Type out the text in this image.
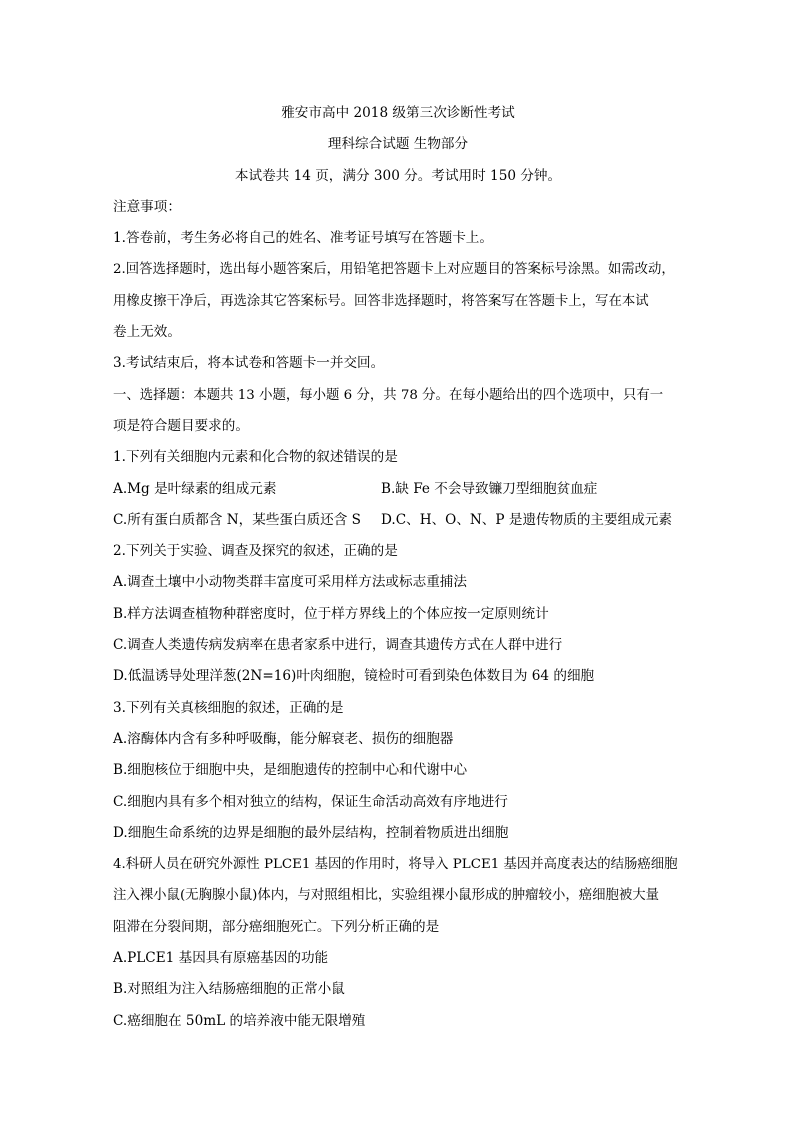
雅安市高中 2018 级第三次诊断性考试
理科综合试题 生物部分
本试卷共 14 页，满分 300 分。考试用时 150 分钟。
注意事项：
1.答卷前，考生务必将自己的姓名、准考证号填写在答题卡上。
2.回答选择题时，选出每小题答案后，用铅笔把答题卡上对应题目的答案标号涂黑。如需改动，
用橡皮擦干净后，再选涂其它答案标号。回答非选择题时，将答案写在答题卡上，写在本试
卷上无效。
3.考试结束后，将本试卷和答题卡一并交回。
一、选择题：本题共 13 小题，每小题 6 分，共 78 分。在每小题给出的四个选项中，只有一
项是符合题目要求的。
1.下列有关细胞内元素和化合物的叙述错误的是
A.Mg 是叶绿素的组成元素	B.缺 Fe 不会导致镰刀型细胞贫血症
C.所有蛋白质都含 N，某些蛋白质还含 S	D.C、H、O、N、P 是遗传物质的主要组成元素
2.下列关于实验、调查及探究的叙述，正确的是
A.调查土壤中小动物类群丰富度可采用样方法或标志重捕法
B.样方法调查植物种群密度时，位于样方界线上的个体应按一定原则统计
C.调查人类遗传病发病率在患者家系中进行，调查其遗传方式在人群中进行
D.低温诱导处理洋葱(2N=16)叶肉细胞，镜检时可看到染色体数目为 64 的细胞
3.下列有关真核细胞的叙述，正确的是
A.溶酶体内含有多种呼吸酶，能分解衰老、损伤的细胞器
B.细胞核位于细胞中央，是细胞遗传的控制中心和代谢中心
C.细胞内具有多个相对独立的结构，保证生命活动高效有序地进行
D.细胞生命系统的边界是细胞的最外层结构，控制着物质进出细胞
4.科研人员在研究外源性 PLCE1 基因的作用时，将导入 PLCE1 基因并高度表达的结肠癌细胞
注入裸小鼠(无胸腺小鼠)体内，与对照组相比，实验组裸小鼠形成的肿瘤较小，癌细胞被大量
阻滞在分裂间期，部分癌细胞死亡。下列分析正确的是
A.PLCE1 基因具有原癌基因的功能
B.对照组为注入结肠癌细胞的正常小鼠
C.癌细胞在 50mL 的培养液中能无限增殖
